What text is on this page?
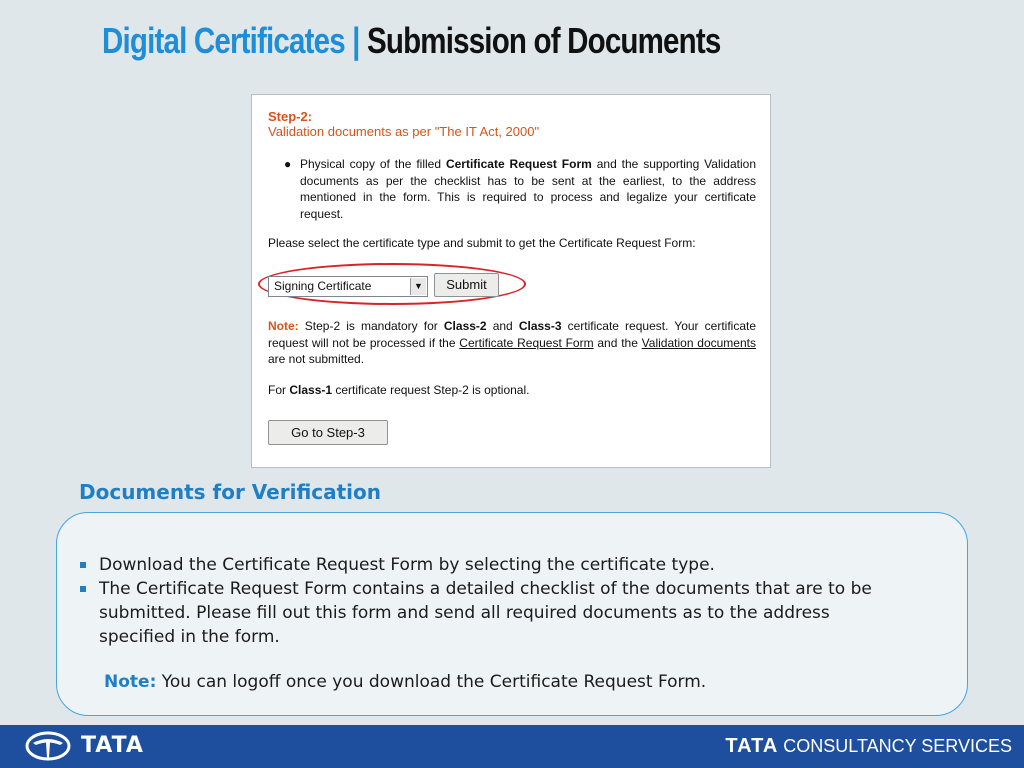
Digital Certificates | Submission of Documents
Step-2:
Validation documents as per "The IT Act, 2000"
● Physical copy of the filled Certificate Request Form and the supporting Validation documents as per the checklist has to be sent at the earliest, to the address mentioned in the form. This is required to process and legalize your certificate request.
Please select the certificate type and submit to get the Certificate Request Form:
Signing Certificate	▼	Submit
Note: Step-2 is mandatory for Class-2 and Class-3 certificate request. Your certificate request will not be processed if the Certificate Request Form and the Validation documents are not submitted.
For Class-1 certificate request Step-2 is optional.
Go to Step-3
Documents for Verification
Download the Certificate Request Form by selecting the certificate type.
The Certificate Request Form contains a detailed checklist of the documents that are to be submitted. Please fill out this form and send all required documents as to the address specified in the form.
Note: You can logoff once you download the Certificate Request Form.
TATA	TATA CONSULTANCY SERVICES
